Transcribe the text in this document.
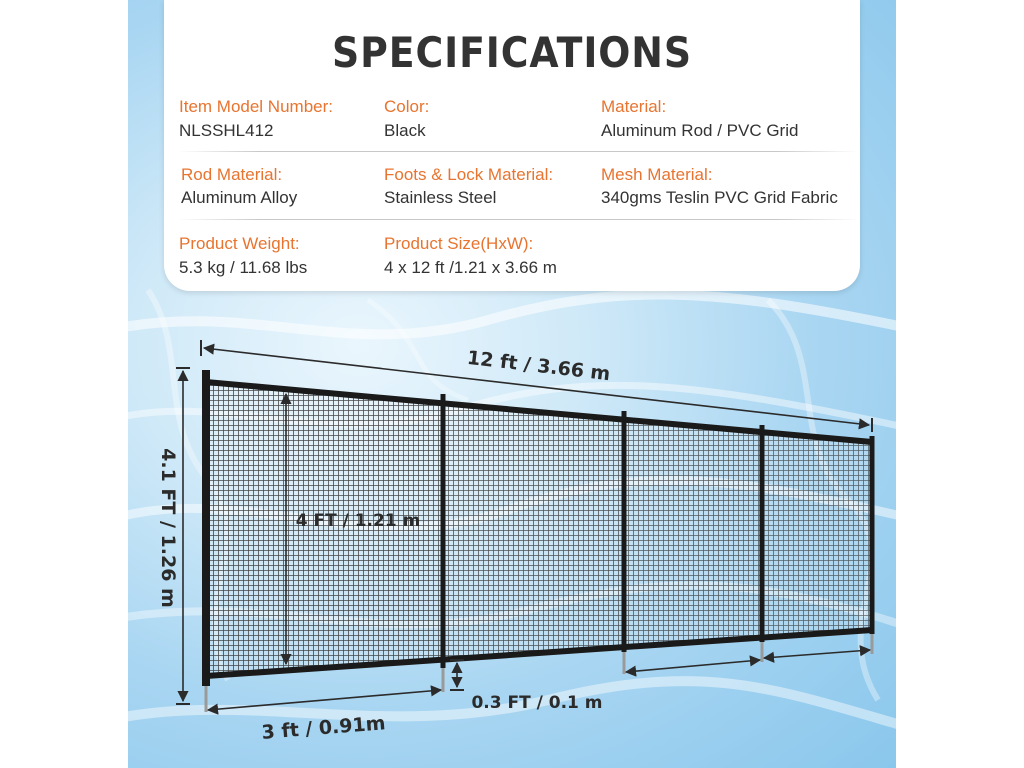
SPECIFICATIONS
Item Model Number:
NLSSHL412
Color:
Black
Material:
Aluminum Rod / PVC Grid
Rod Material:
Aluminum Alloy
Foots & Lock Material:
Stainless Steel
Mesh Material:
340gms Teslin PVC Grid Fabric
Product Weight:
5.3 kg / 11.68 lbs
Product Size(HxW):
4 x 12 ft /1.21 x 3.66 m
12 ft / 3.66 m
4.1 FT / 1.26 m	4 FT / 1.21 m
3 ft / 0.91m
0.3 FT / 0.1 m
